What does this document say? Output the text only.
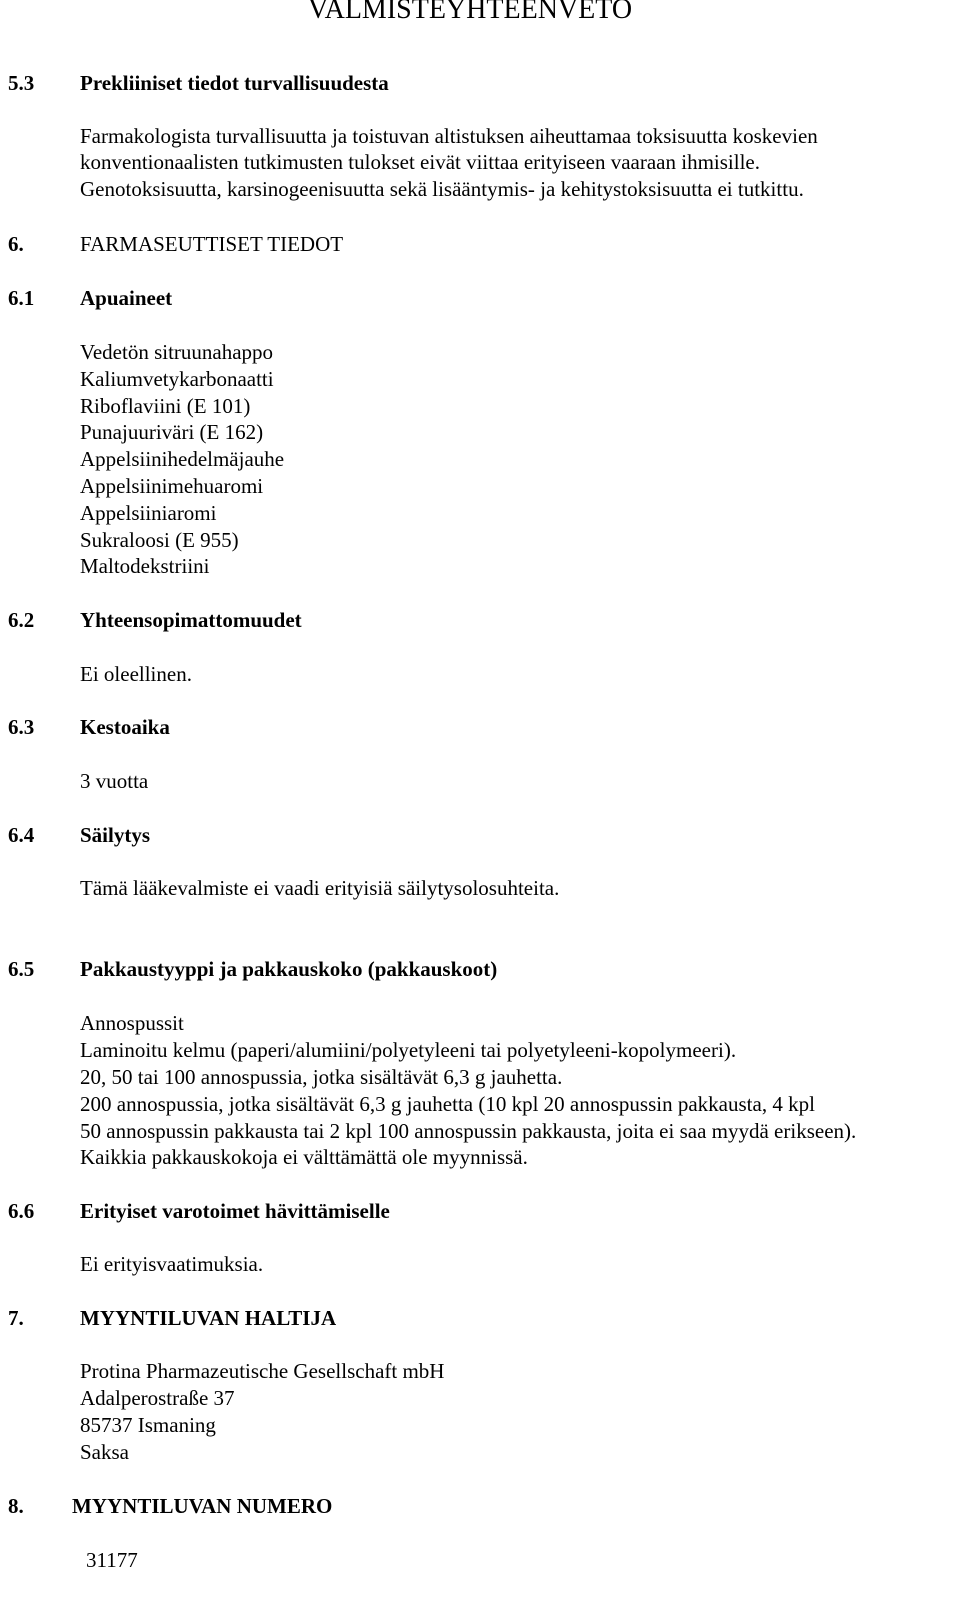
VALMISTEYHTEENVETO
5.3 Prekliiniset tiedot turvallisuudesta
Farmakologista turvallisuutta ja toistuvan altistuksen aiheuttamaa toksisuutta koskevien
konventionaalisten tutkimusten tulokset eivät viittaa erityiseen vaaraan ihmisille.
Genotoksisuutta, karsinogeenisuutta sekä lisääntymis- ja kehitystoksisuutta ei tutkittu.
6.	FARMASEUTTISET TIEDOT
6.1 Apuaineet
Vedetön sitruunahappo
Kaliumvetykarbonaatti
Riboflaviini (E 101)
Punajuuriväri (E 162)
Appelsiinihedelmäjauhe
Appelsiinimehuaromi
Appelsiiniaromi
Sukraloosi (E 955)
Maltodekstriini
6.2 Yhteensopimattomuudet
Ei oleellinen.
6.3 Kestoaika
3 vuotta
6.4 Säilytys
Tämä lääkevalmiste ei vaadi erityisiä säilytysolosuhteita.
6.5 Pakkaustyyppi ja pakkauskoko (pakkauskoot)
Annospussit
Laminoitu kelmu (paperi/alumiini/polyetyleeni tai polyetyleeni-kopolymeeri).
20, 50 tai 100 annospussia, jotka sisältävät 6,3 g jauhetta.
200 annospussia, jotka sisältävät 6,3 g jauhetta (10 kpl 20 annospussin pakkausta, 4 kpl
50 annospussin pakkausta tai 2 kpl 100 annospussin pakkausta, joita ei saa myydä erikseen).
Kaikkia pakkauskokoja ei välttämättä ole myynnissä.
6.6 Erityiset varotoimet hävittämiselle
Ei erityisvaatimuksia.
7.	MYYNTILUVAN HALTIJA
Protina Pharmazeutische Gesellschaft mbH
Adalperostraße 37
85737 Ismaning
Saksa
8. MYYNTILUVAN NUMERO
31177
